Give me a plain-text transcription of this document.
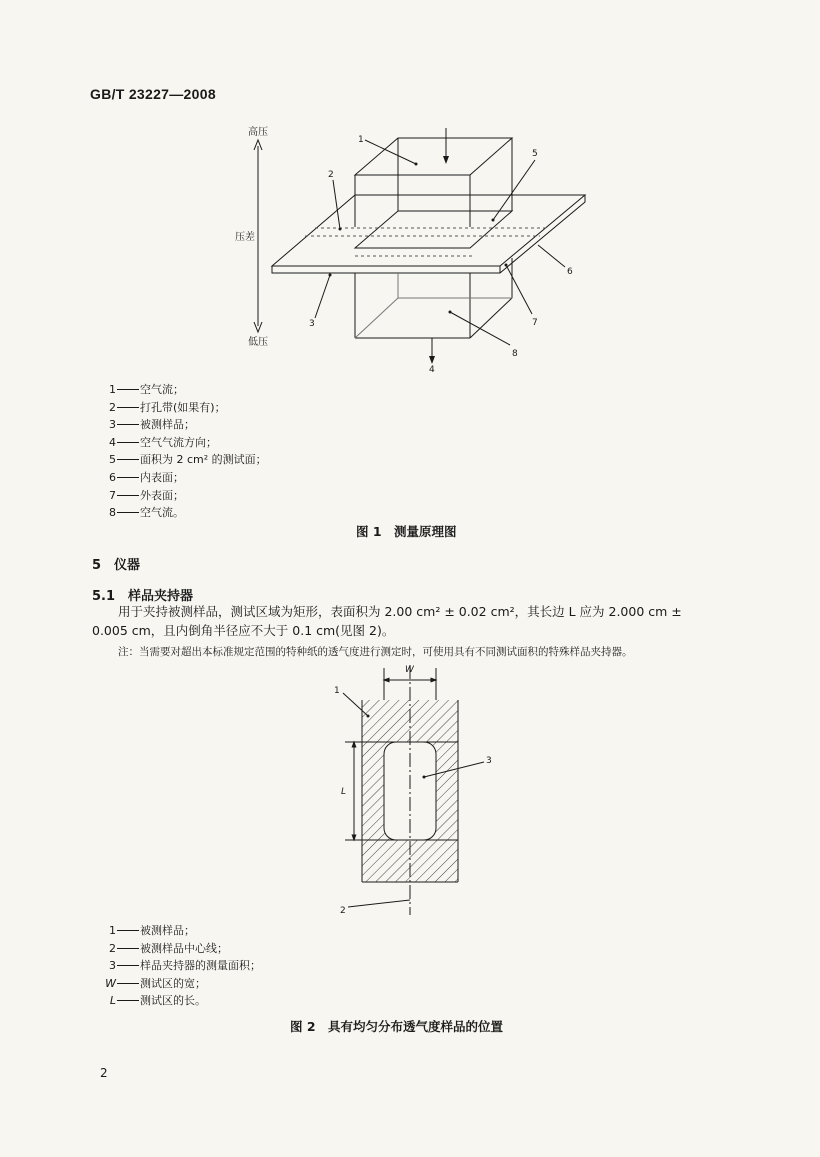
GB/T 23227—2008
高压
压差
低压
1
2
3
4
5
6
7
8
1 空气流；
2 打孔带(如果有)；
3 被测样品；
4 空气气流方向；
5 面积为 2 cm² 的测试面；
6 内表面；
7 外表面；
8 空气流。
图 1　测量原理图
5　仪器
5.1　样品夹持器
用于夹持被测样品，测试区域为矩形，表面积为 2.00 cm² ± 0.02 cm²，其长边 L 应为 2.000 cm ±
0.005 cm，且内倒角半径应不大于 0.1 cm(见图 2)。
注：当需要对超出本标准规定范围的特种纸的透气度进行测定时，可使用具有不同测试面积的特殊样品夹持器。
W
L
1
2
3
1 被测样品；
2 被测样品中心线；
3 样品夹持器的测量面积；
W 测试区的宽；
L 测试区的长。
图 2　具有均匀分布透气度样品的位置
2
